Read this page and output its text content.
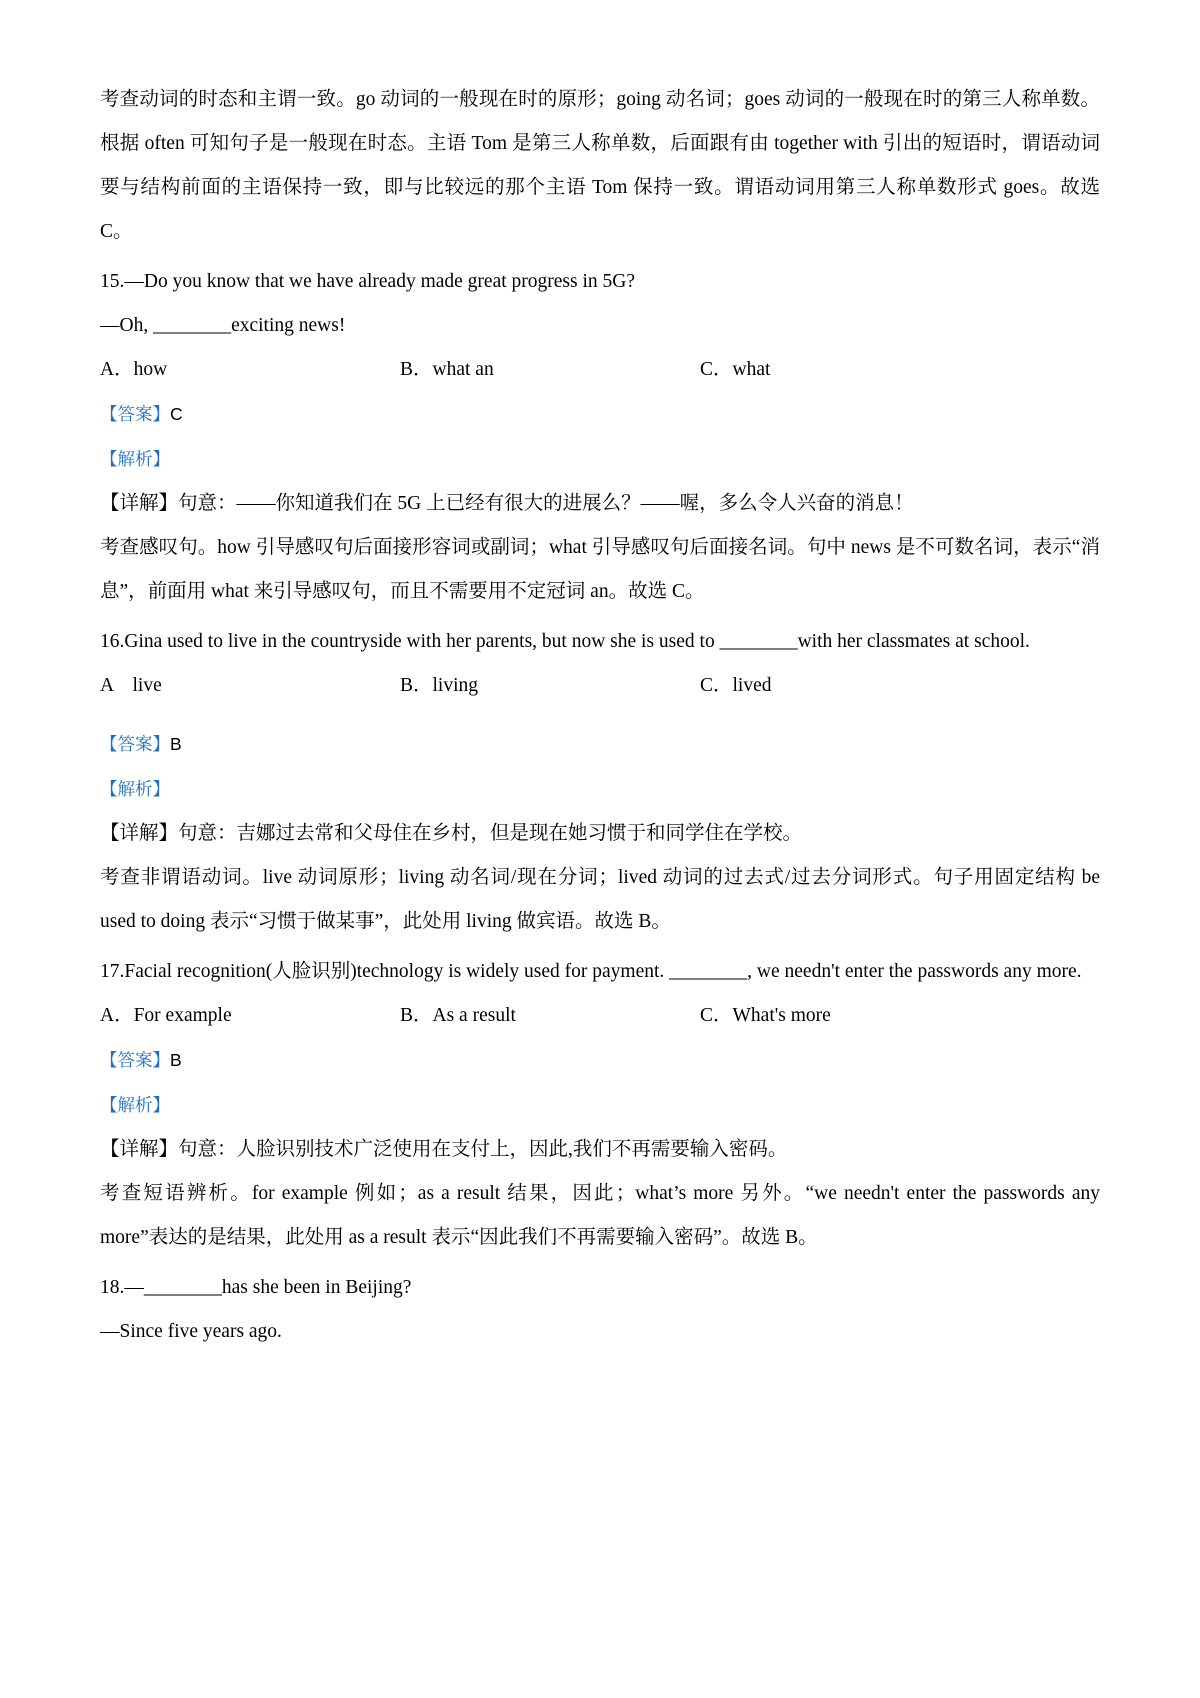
考查动词的时态和主谓一致。go 动词的一般现在时的原形；going 动名词；goes 动词的一般现在时的第三人称单数。根据 often 可知句子是一般现在时态。主语 Tom 是第三人称单数，后面跟有由 together with 引出的短语时，谓语动词要与结构前面的主语保持一致，即与比较远的那个主语 Tom 保持一致。谓语动词用第三人称单数形式 goes。故选 C。

15.—Do you know that we have already made great progress in 5G?

—Oh, ________exciting news!

A．how	B．what an	C．what

【答案】C

【解析】

【详解】句意：——你知道我们在 5G 上已经有很大的进展么？——喔，多么令人兴奋的消息！

考查感叹句。how 引导感叹句后面接形容词或副词；what 引导感叹句后面接名词。句中 news 是不可数名词，表示“消息”，前面用 what 来引导感叹句，而且不需要用不定冠词 an。故选 C。

16.Gina used to live in the countryside with her parents, but now she is used to ________with her classmates at school.

A　live	B．living	C．lived

【答案】B

【解析】

【详解】句意：吉娜过去常和父母住在乡村，但是现在她习惯于和同学住在学校。

考查非谓语动词。live 动词原形；living 动名词/现在分词；lived 动词的过去式/过去分词形式。句子用固定结构 be used to doing 表示“习惯于做某事”，此处用 living 做宾语。故选 B。

17.Facial recognition(人脸识别)technology is widely used for payment. ________, we needn't enter the passwords any more.

A．For example	B．As a result	C．What's more

【答案】B

【解析】

【详解】句意：人脸识别技术广泛使用在支付上，因此,我们不再需要输入密码。

考查短语辨析。for example 例如；as a result 结果，因此；what’s more 另外。“we needn't enter the passwords any more”表达的是结果，此处用 as a result 表示“因此我们不再需要输入密码”。故选 B。

18.—________has she been in Beijing?

—Since five years ago.
